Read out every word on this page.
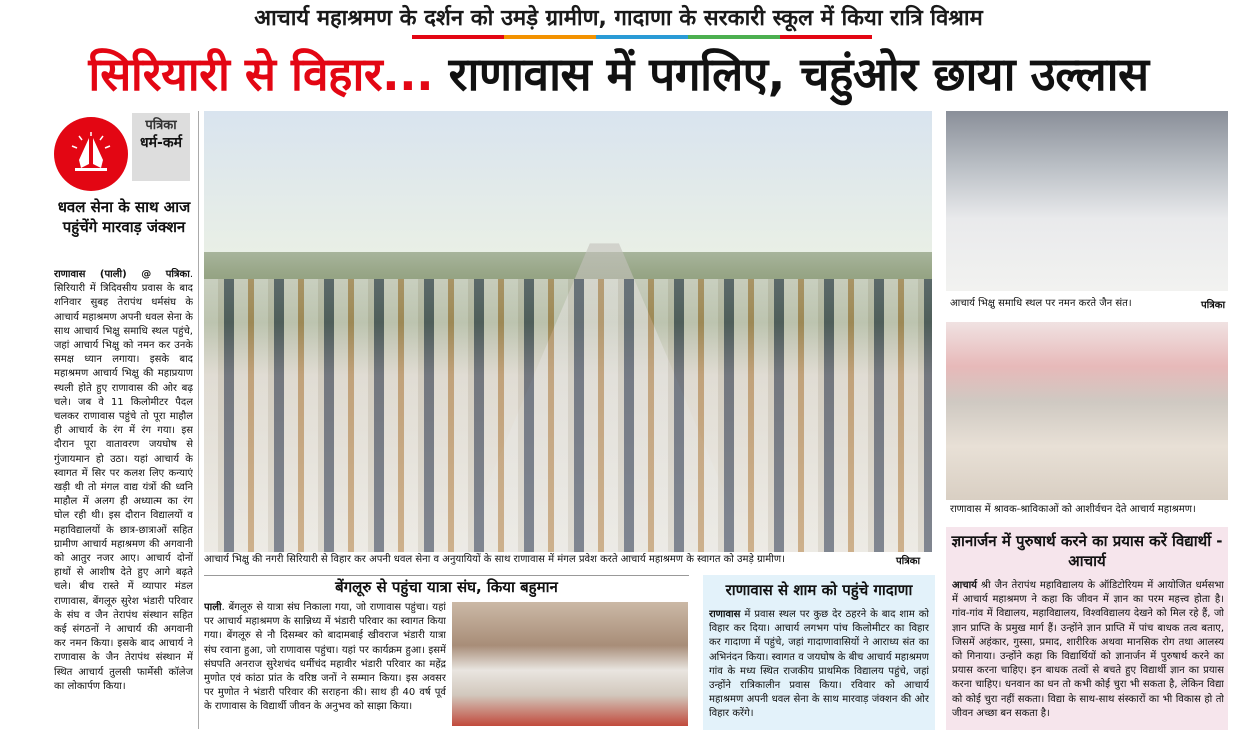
आचार्य महाश्रमण के दर्शन को उमड़े ग्रामीण, गादाणा के सरकारी स्कूल में किया रात्रि विश्राम
सिरियारी से विहार... राणावास में पगलिए, चहुंओर छाया उल्लास
पत्रिका
धर्म-कर्म
धवल सेना के साथ आज पहुंचेंगे मारवाड़ जंक्शन
राणावास (पाली) @ पत्रिका. सिरियारी में त्रिदिवसीय प्रवास के बाद शनिवार सुबह तेरापंथ धर्मसंघ के आचार्य महाश्रमण अपनी धवल सेना के साथ आचार्य भिक्षु समाधि स्थल पहुंचे, जहां आचार्य भिक्षु को नमन कर उनके समक्ष ध्यान लगाया। इसके बाद महाश्रमण आचार्य भिक्षु की महाप्रयाण स्थली होते हुए राणावास की ओर बढ़ चले। जब वे 11 किलोमीटर पैदल चलकर राणावास पहुंचे तो पूरा माहौल ही आचार्य के रंग में रंग गया। इस दौरान पूरा वातावरण जयघोष से गुंजायमान हो उठा। यहां आचार्य के स्वागत में सिर पर कलश लिए कन्याएं खड़ी थी तो मंगल वाद्य यंत्रों की ध्वनि माहौल में अलग ही अध्यात्म का रंग घोल रही थी। इस दौरान विद्यालयों व महाविद्यालयों के छात्र-छात्राओं सहित ग्रामीण आचार्य महाश्रमण की अगवानी को आतुर नजर आए। आचार्य दोनों हाथों से आशीष देते हुए आगे बढ़ते चले। बीच रास्ते में व्यापार मंडल राणावास, बेंगलूरु सुरेश भंडारी परिवार के संघ व जैन तेरापंथ संस्थान सहित कई संगठनों ने आचार्य की अगवानी कर नमन किया। इसके बाद आचार्य ने राणावास के जैन तेरापंथ संस्थान में स्थित आचार्य तुलसी फार्मेसी कॉलेज का लोकार्पण किया।
आचार्य भिक्षु की नगरी सिरियारी से विहार कर अपनी धवल सेना व अनुयायियों के साथ राणावास में मंगल प्रवेश करते आचार्य महाश्रमण के स्वागत को उमड़े ग्रामीण।	पत्रिका
आचार्य भिक्षु समाधि स्थल पर नमन करते जैन संत।	पत्रिका
राणावास में श्रावक-श्राविकाओं को आशीर्वचन देते आचार्य महाश्रमण।
बेंगलूरु से पहुंचा यात्रा संघ, किया बहुमान
पाली. बेंगलूरु से यात्रा संघ निकाला गया, जो राणावास पहुंचा। यहां पर आचार्य महाश्रमण के सान्निध्य में भंडारी परिवार का स्वागत किया गया। बेंगलूरु से नौ दिसम्बर को बादामबाई खीवराज भंडारी यात्रा संघ रवाना हुआ, जो राणावास पहुंचा। यहां पर कार्यक्रम हुआ। इसमें संघपति अनराज सुरेशचंद धर्मीचंद महावीर भंडारी परिवार का महेंद्र मुणोत एवं कांठा प्रांत के वरिष्ठ जनों ने सम्मान किया। इस अवसर पर मुणोत ने भंडारी परिवार की सराहना की। साथ ही 40 वर्ष पूर्व के राणावास के विद्यार्थी जीवन के अनुभव को साझा किया।
राणावास से शाम को पहुंचे गादाणा
राणावास में प्रवास स्थल पर कुछ देर ठहरने के बाद शाम को विहार कर दिया। आचार्य लगभग पांच किलोमीटर का विहार कर गादाणा में पहुंचे, जहां गादाणावासियों ने आराध्य संत का अभिनंदन किया। स्वागत व जयघोष के बीच आचार्य महाश्रमण गांव के मध्य स्थित राजकीय प्राथमिक विद्यालय पहुंचे, जहां उन्होंने रात्रिकालीन प्रवास किया। रविवार को आचार्य महाश्रमण अपनी धवल सेना के साथ मारवाड़ जंक्शन की ओर विहार करेंगे।
ज्ञानार्जन में पुरुषार्थ करने का प्रयास करें विद्यार्थी - आचार्य
आचार्य श्री जैन तेरापंथ महाविद्यालय के ऑडिटोरियम में आयोजित धर्मसभा में आचार्य महाश्रमण ने कहा कि जीवन में ज्ञान का परम महत्त्व होता है। गांव-गांव में विद्यालय, महाविद्यालय, विश्वविद्यालय देखने को मिल रहे हैं, जो ज्ञान प्राप्ति के प्रमुख मार्ग हैं। उन्होंने ज्ञान प्राप्ति में पांच बाधक तत्व बताए, जिसमें अहंकार, गुस्सा, प्रमाद, शारीरिक अथवा मानसिक रोग तथा आलस्य को गिनाया। उन्होंने कहा कि विद्यार्थियों को ज्ञानार्जन में पुरुषार्थ करने का प्रयास करना चाहिए। इन बाधक तत्वों से बचते हुए विद्यार्थी ज्ञान का प्रयास करना चाहिए। धनवान का धन तो कभी कोई चुरा भी सकता है, लेकिन विद्या को कोई चुरा नहीं सकता। विद्या के साथ-साथ संस्कारों का भी विकास हो तो जीवन अच्छा बन सकता है।
